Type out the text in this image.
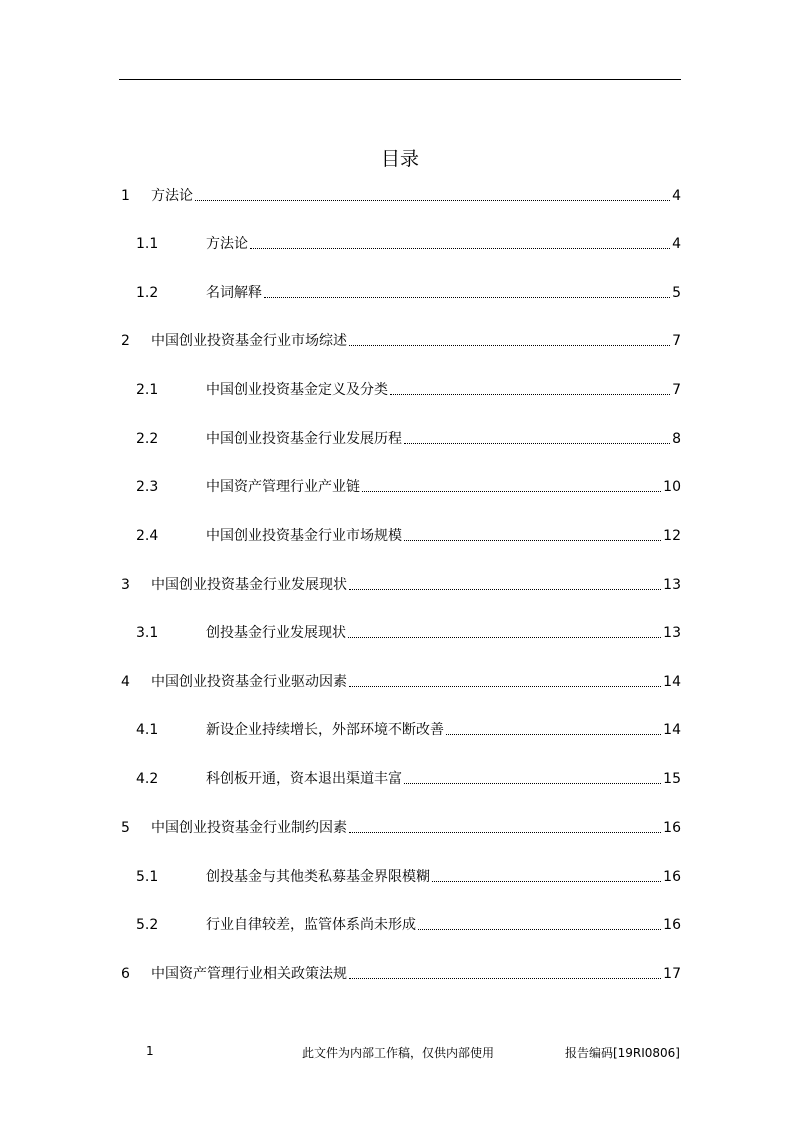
目录
1	方法论	4
1.1	方法论	4
1.2	名词解释	5
2	中国创业投资基金行业市场综述	7
2.1	中国创业投资基金定义及分类	7
2.2	中国创业投资基金行业发展历程	8
2.3	中国资产管理行业产业链	10
2.4	中国创业投资基金行业市场规模	12
3	中国创业投资基金行业发展现状	13
3.1	创投基金行业发展现状	13
4	中国创业投资基金行业驱动因素	14
4.1	新设企业持续增长，外部环境不断改善	14
4.2	科创板开通，资本退出渠道丰富	15
5	中国创业投资基金行业制约因素	16
5.1	创投基金与其他类私募基金界限模糊	16
5.2	行业自律较差，监管体系尚未形成	16
6	中国资产管理行业相关政策法规	17
1	此文件为内部工作稿，仅供内部使用	报告编码[19RI0806]
